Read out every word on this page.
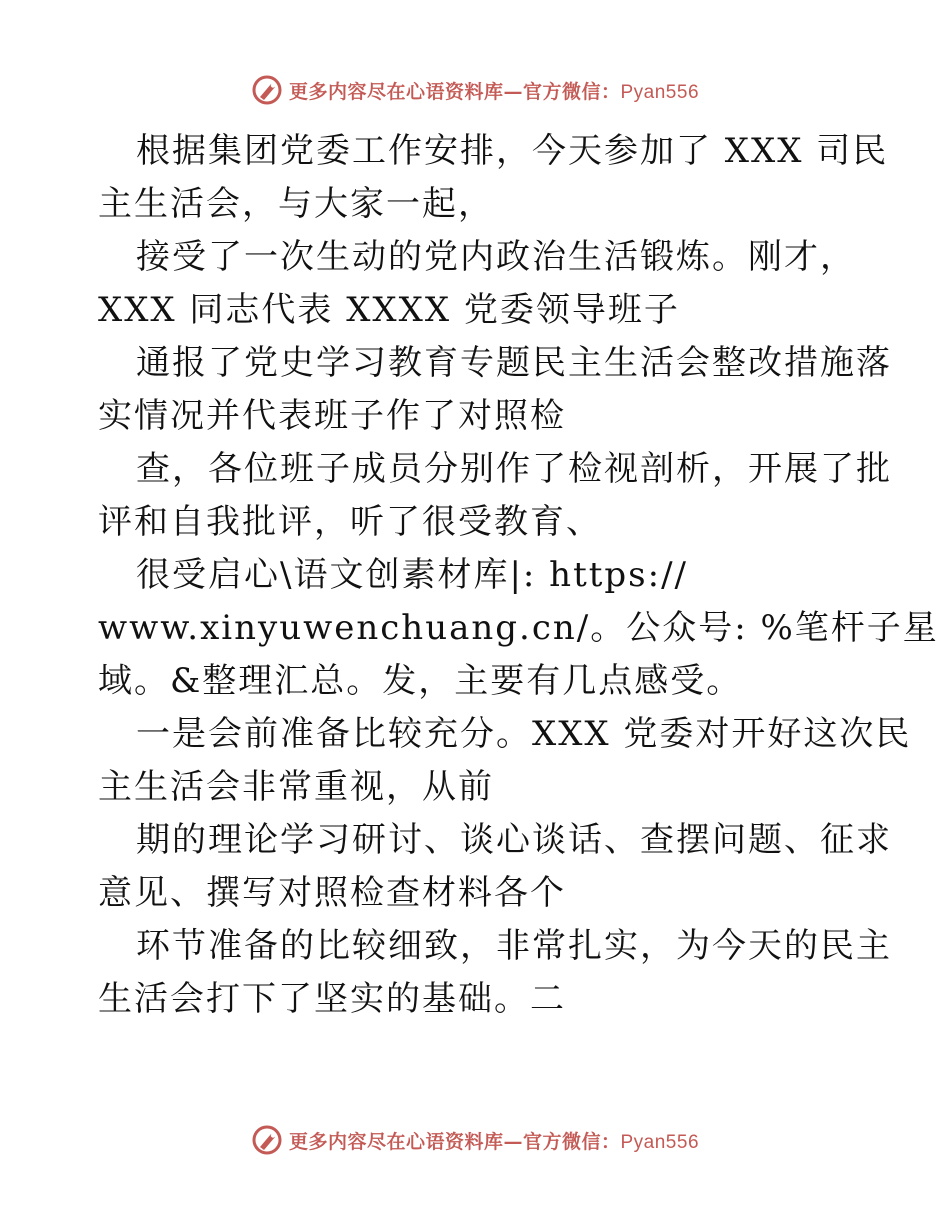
更多内容尽在心语资料库—官方微信：Pyan556
根据集团党委工作安排，今天参加了 XXX 司民
主生活会，与大家一起，
接受了一次生动的党内政治生活锻炼。刚才，
XXX 同志代表 XXXX 党委领导班子
通报了党史学习教育专题民主生活会整改措施落
实情况并代表班子作了对照检
查，各位班子成员分别作了检视剖析，开展了批
评和自我批评，听了很受教育、
很受启心\语文创素材库|: https://
www.xinyuwenchuang.cn/。公众号: %笔杆子星
域。&整理汇总。发，主要有几点感受。
一是会前准备比较充分。XXX 党委对开好这次民
主生活会非常重视，从前
期的理论学习研讨、谈心谈话、查摆问题、征求
意见、撰写对照检查材料各个
环节准备的比较细致，非常扎实，为今天的民主
生活会打下了坚实的基础。二
更多内容尽在心语资料库—官方微信：Pyan556
